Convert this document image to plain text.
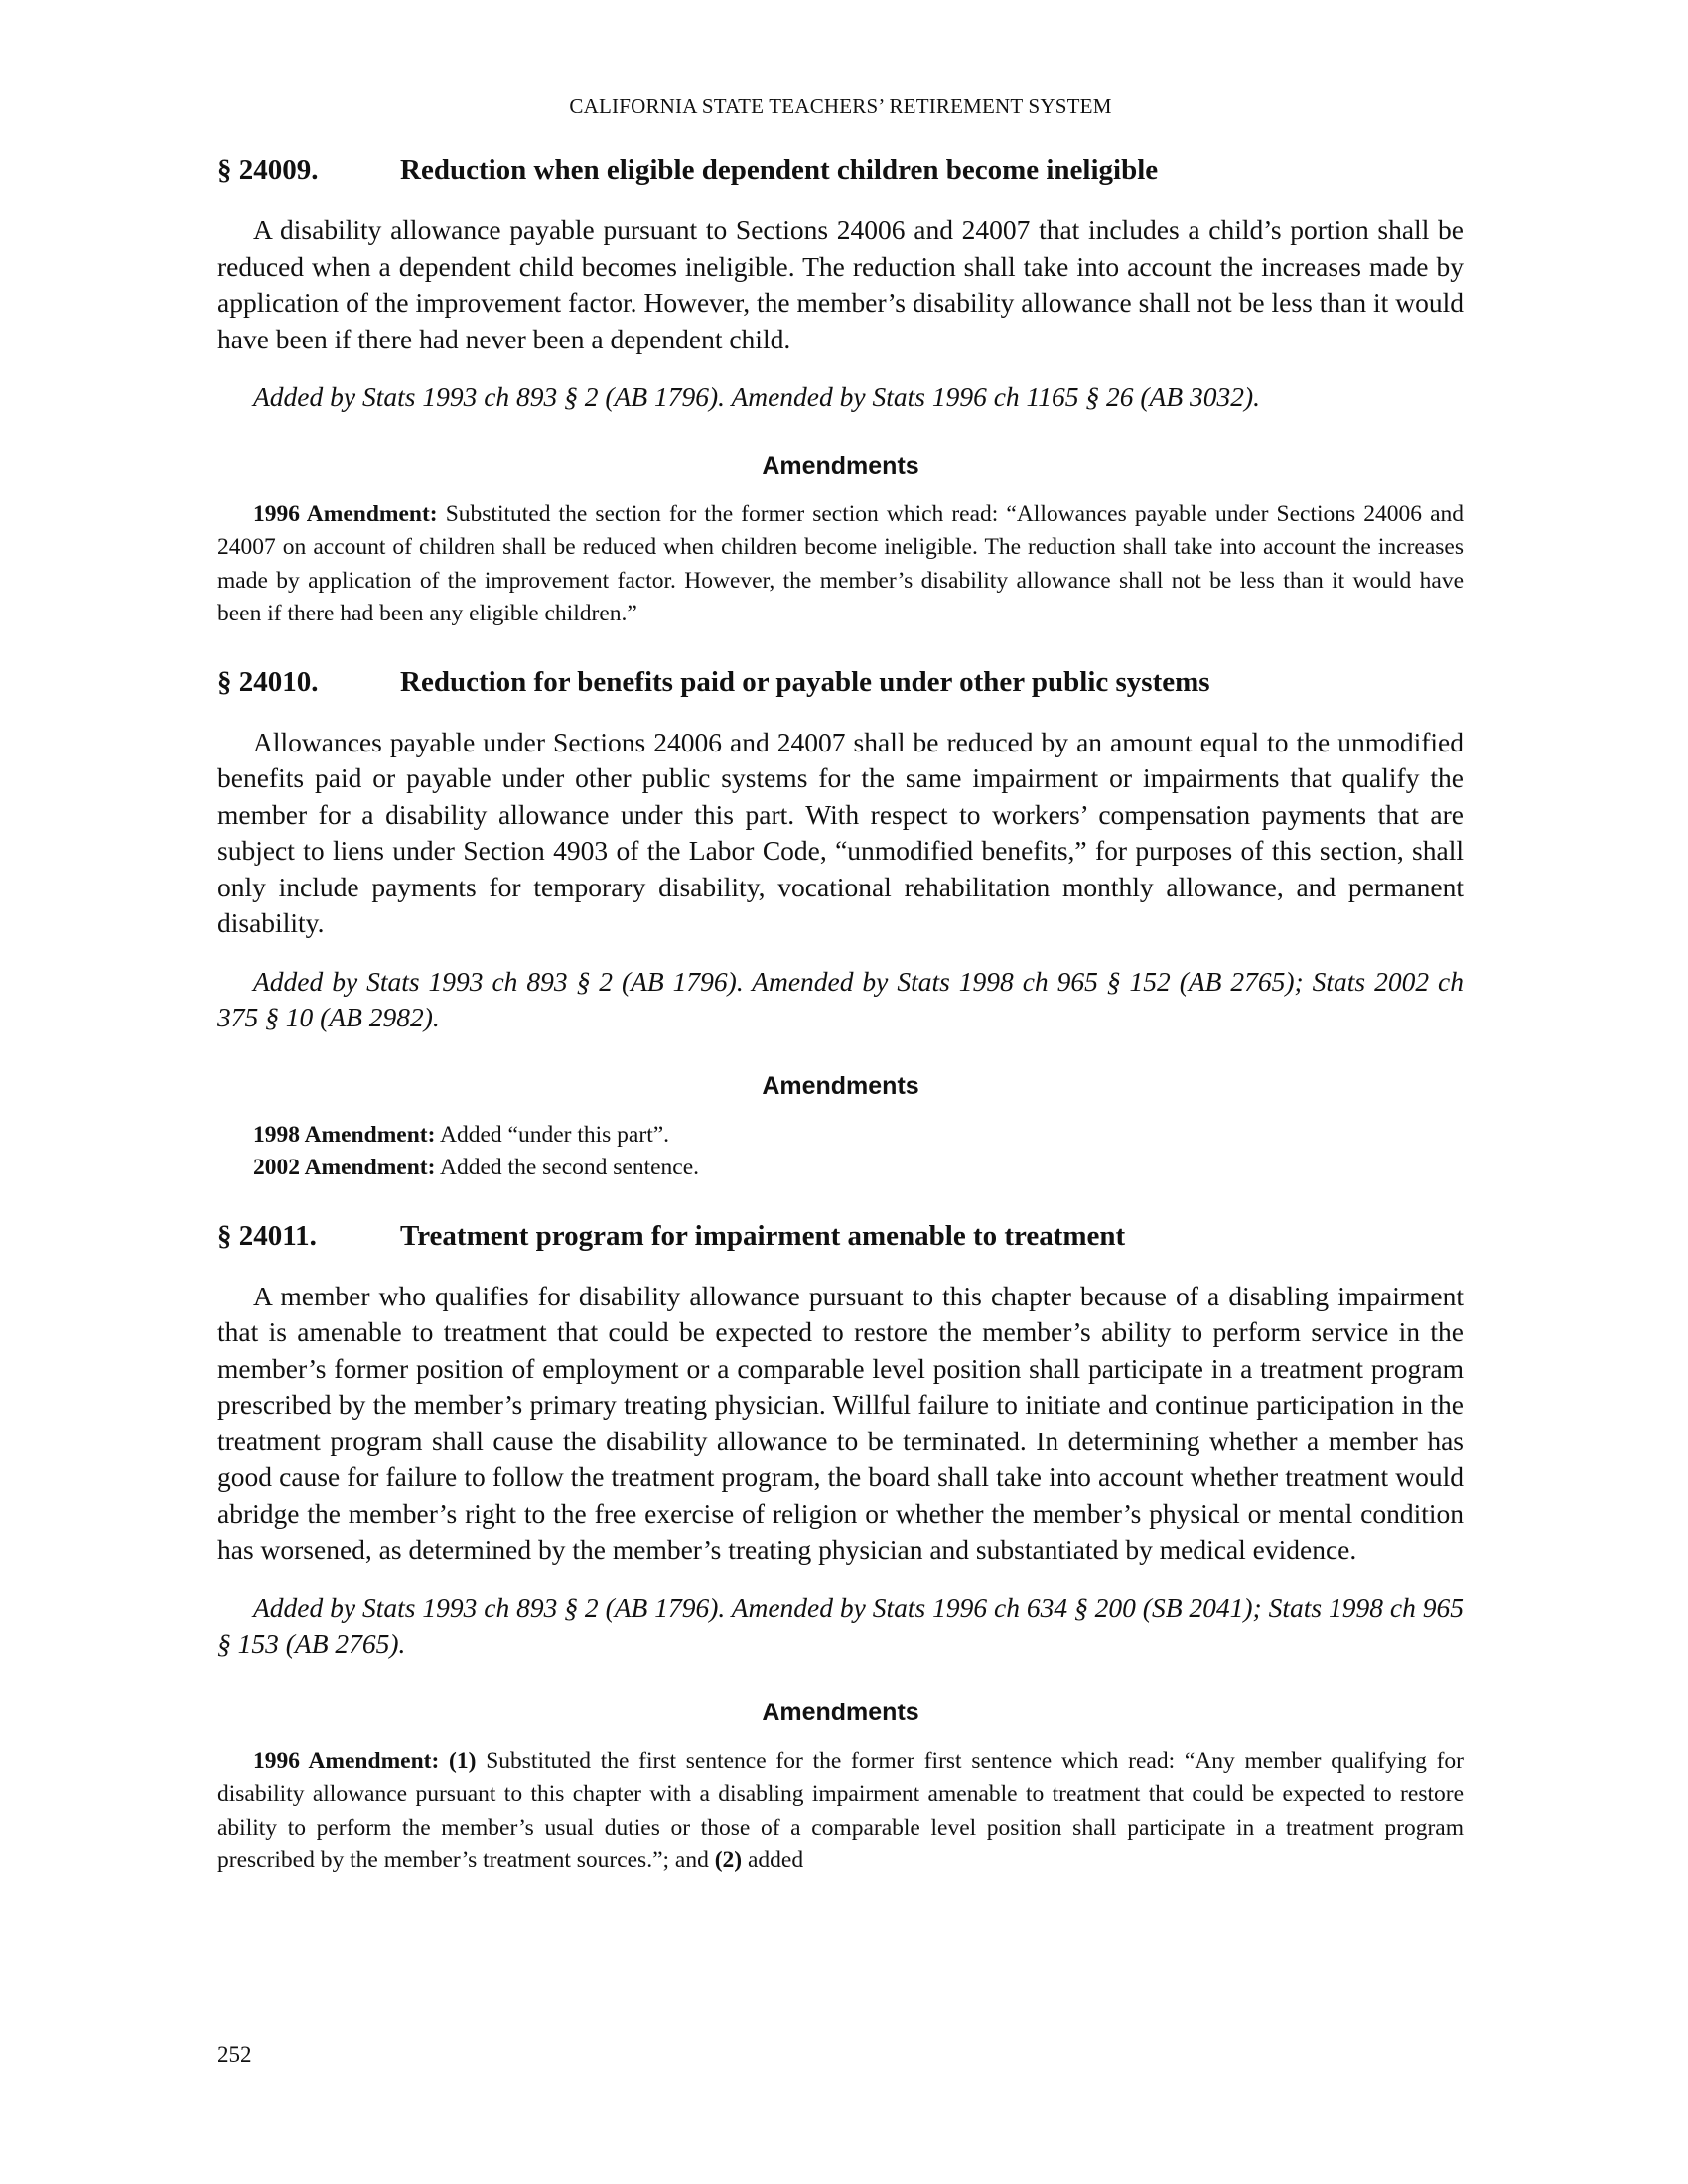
CALIFORNIA STATE TEACHERS’ RETIREMENT SYSTEM
§ 24009.	Reduction when eligible dependent children become ineligible

A disability allowance payable pursuant to Sections 24006 and 24007 that includes a child’s portion shall be reduced when a dependent child becomes ineligible. The reduction shall take into account the increases made by application of the improvement factor. However, the member’s disability allowance shall not be less than it would have been if there had never been a dependent child.

Added by Stats 1993 ch 893 § 2 (AB 1796). Amended by Stats 1996 ch 1165 § 26 (AB 3032).

Amendments

1996 Amendment: Substituted the section for the former section which read: “Allowances payable under Sections 24006 and 24007 on account of children shall be reduced when children become ineligible. The reduction shall take into account the increases made by application of the improvement factor. However, the member’s disability allowance shall not be less than it would have been if there had been any eligible children.”

§ 24010.	Reduction for benefits paid or payable under other public systems

Allowances payable under Sections 24006 and 24007 shall be reduced by an amount equal to the unmodified benefits paid or payable under other public systems for the same impairment or impairments that qualify the member for a disability allowance under this part. With respect to workers’ compensation payments that are subject to liens under Section 4903 of the Labor Code, “unmodified benefits,” for purposes of this section, shall only include payments for temporary disability, vocational rehabilitation monthly allowance, and permanent disability.

Added by Stats 1993 ch 893 § 2 (AB 1796). Amended by Stats 1998 ch 965 § 152 (AB 2765); Stats 2002 ch 375 § 10 (AB 2982).

Amendments

1998 Amendment: Added “under this part”.

2002 Amendment: Added the second sentence.

§ 24011.	Treatment program for impairment amenable to treatment

A member who qualifies for disability allowance pursuant to this chapter because of a disabling impairment that is amenable to treatment that could be expected to restore the member’s ability to perform service in the member’s former position of employment or a comparable level position shall participate in a treatment program prescribed by the member’s primary treating physician. Willful failure to initiate and continue participation in the treatment program shall cause the disability allowance to be terminated. In determining whether a member has good cause for failure to follow the treatment program, the board shall take into account whether treatment would abridge the member’s right to the free exercise of religion or whether the member’s physical or mental condition has worsened, as determined by the member’s treating physician and substantiated by medical evidence.

Added by Stats 1993 ch 893 § 2 (AB 1796). Amended by Stats 1996 ch 634 § 200 (SB 2041); Stats 1998 ch 965 § 153 (AB 2765).

Amendments

1996 Amendment: (1) Substituted the first sentence for the former first sentence which read: “Any member qualifying for disability allowance pursuant to this chapter with a disabling impairment amenable to treatment that could be expected to restore ability to perform the member’s usual duties or those of a comparable level position shall participate in a treatment program prescribed by the member’s treatment sources.”; and (2) added

252
